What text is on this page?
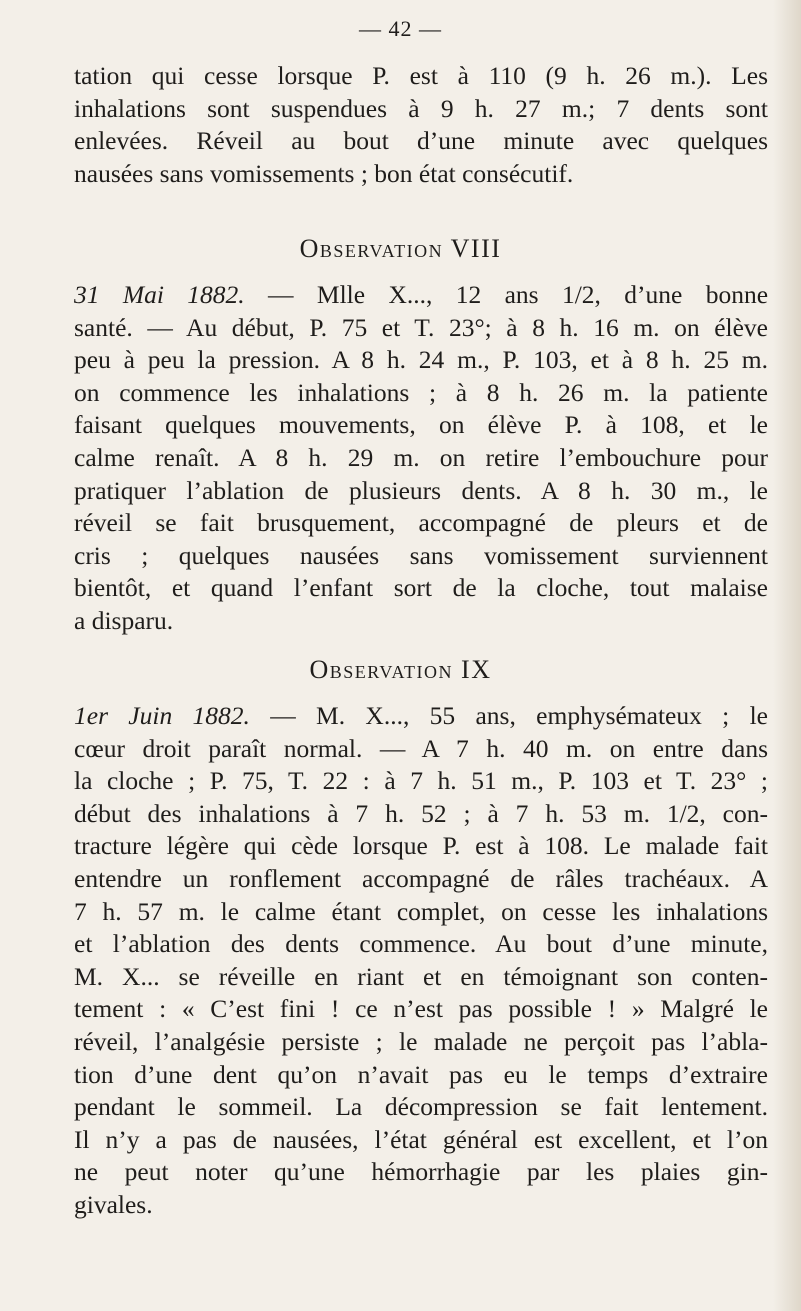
— 42 —
tation qui cesse lorsque P. est à 110 (9 h. 26 m.). Les
inhalations sont suspendues à 9 h. 27 m.; 7 dents sont
enlevées. Réveil au bout d’une minute avec quelques
nausées sans vomissements ; bon état consécutif.
Observation VIII
31 Mai 1882. — Mlle X..., 12 ans 1/2, d’une bonne
santé. — Au début, P. 75 et T. 23°; à 8 h. 16 m. on élève
peu à peu la pression. A 8 h. 24 m., P. 103, et à 8 h. 25 m.
on commence les inhalations ; à 8 h. 26 m. la patiente
faisant quelques mouvements, on élève P. à 108, et le
calme renaît. A 8 h. 29 m. on retire l’embouchure pour
pratiquer l’ablation de plusieurs dents. A 8 h. 30 m., le
réveil se fait brusquement, accompagné de pleurs et de
cris ; quelques nausées sans vomissement surviennent
bientôt, et quand l’enfant sort de la cloche, tout malaise
a disparu.
Observation IX
1er Juin 1882. — M. X..., 55 ans, emphysémateux ; le
cœur droit paraît normal. — A 7 h. 40 m. on entre dans
la cloche ; P. 75, T. 22 : à 7 h. 51 m., P. 103 et T. 23° ;
début des inhalations à 7 h. 52 ; à 7 h. 53 m. 1/2, con-
tracture légère qui cède lorsque P. est à 108. Le malade fait
entendre un ronflement accompagné de râles trachéaux. A
7 h. 57 m. le calme étant complet, on cesse les inhalations
et l’ablation des dents commence. Au bout d’une minute,
M. X... se réveille en riant et en témoignant son conten-
tement : « C’est fini ! ce n’est pas possible ! » Malgré le
réveil, l’analgésie persiste ; le malade ne perçoit pas l’abla-
tion d’une dent qu’on n’avait pas eu le temps d’extraire
pendant le sommeil. La décompression se fait lentement.
Il n’y a pas de nausées, l’état général est excellent, et l’on
ne peut noter qu’une hémorrhagie par les plaies gin-
givales.
